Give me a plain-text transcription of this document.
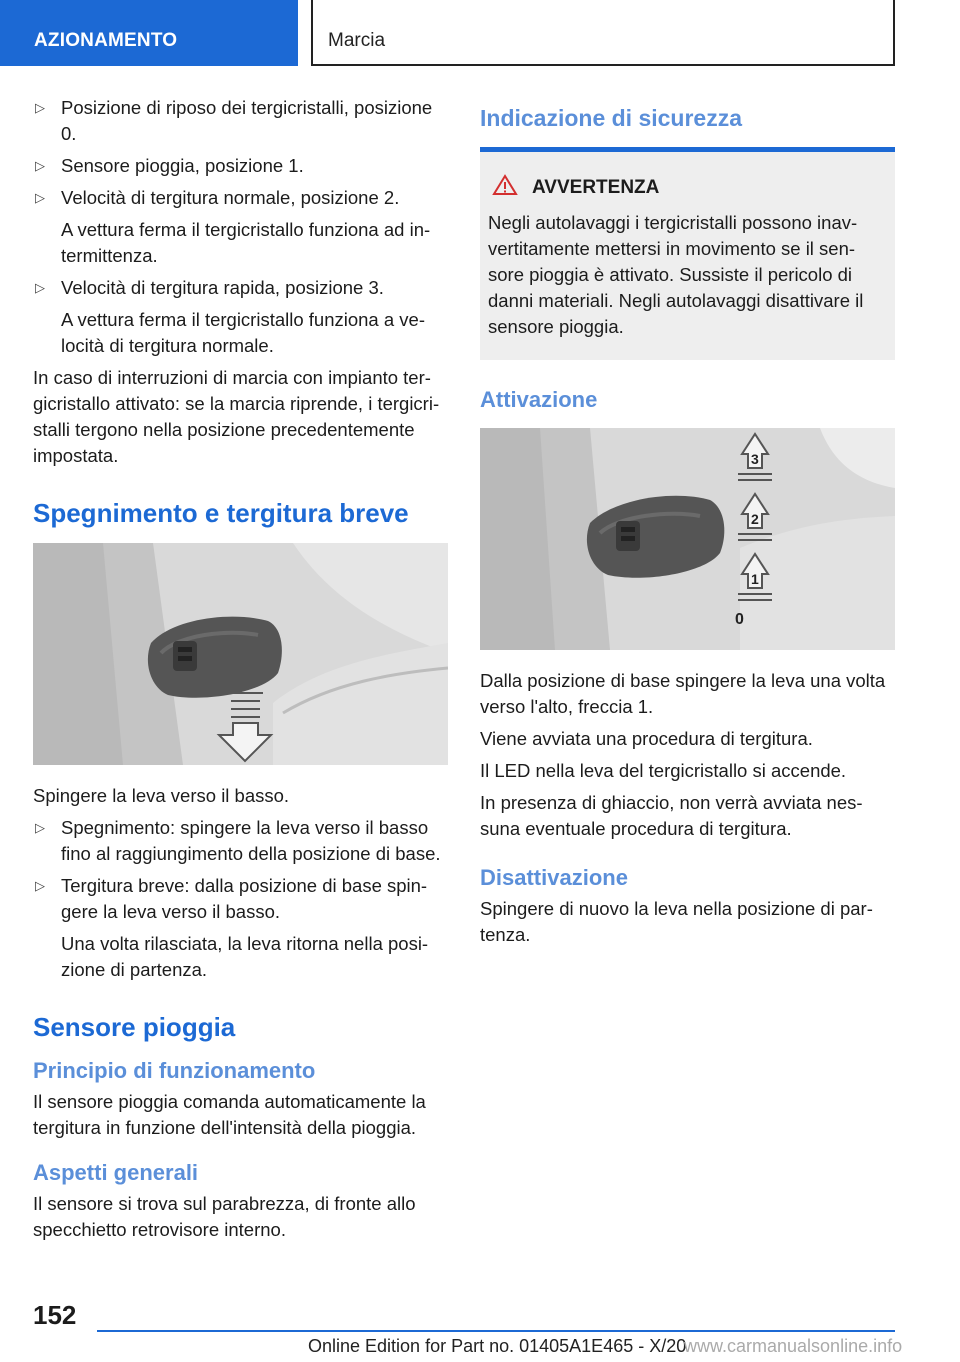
AZIONAMENTO	Marcia
▷ Posizione di riposo dei tergicristalli, posizione 0.
▷ Sensore pioggia, posizione 1.
▷ Velocità di tergitura normale, posizione 2.
A vettura ferma il tergicristallo funziona ad in-termittenza.
▷ Velocità di tergitura rapida, posizione 3.
A vettura ferma il tergicristallo funziona a ve-locità di tergitura normale.
In caso di interruzioni di marcia con impianto ter-gicristallo attivato: se la marcia riprende, i tergicri-stalli tergono nella posizione precedentemente impostata.
Spegnimento e tergitura breve
Spingere la leva verso il basso.
▷ Spegnimento: spingere la leva verso il basso fino al raggiungimento della posizione di base.
▷ Tergitura breve: dalla posizione di base spin-gere la leva verso il basso.
Una volta rilasciata, la leva ritorna nella posi-zione di partenza.
Sensore pioggia
Principio di funzionamento
Il sensore pioggia comanda automaticamente la tergitura in funzione dell'intensità della pioggia.
Aspetti generali
Il sensore si trova sul parabrezza, di fronte allo specchietto retrovisore interno.
Indicazione di sicurezza
AVVERTENZA
Negli autolavaggi i tergicristalli possono inav-vertitamente mettersi in movimento se il sen-sore pioggia è attivato. Sussiste il pericolo di danni materiali. Negli autolavaggi disattivare il sensore pioggia.
Attivazione
3
2
1
0
Dalla posizione di base spingere la leva una volta verso l'alto, freccia 1.
Viene avviata una procedura di tergitura.
Il LED nella leva del tergicristallo si accende.
In presenza di ghiaccio, non verrà avviata nes-suna eventuale procedura di tergitura.
Disattivazione
Spingere di nuovo la leva nella posizione di par-tenza.
152
Online Edition for Part no. 01405A1E465 - X/20
www.carmanualsonline.info
